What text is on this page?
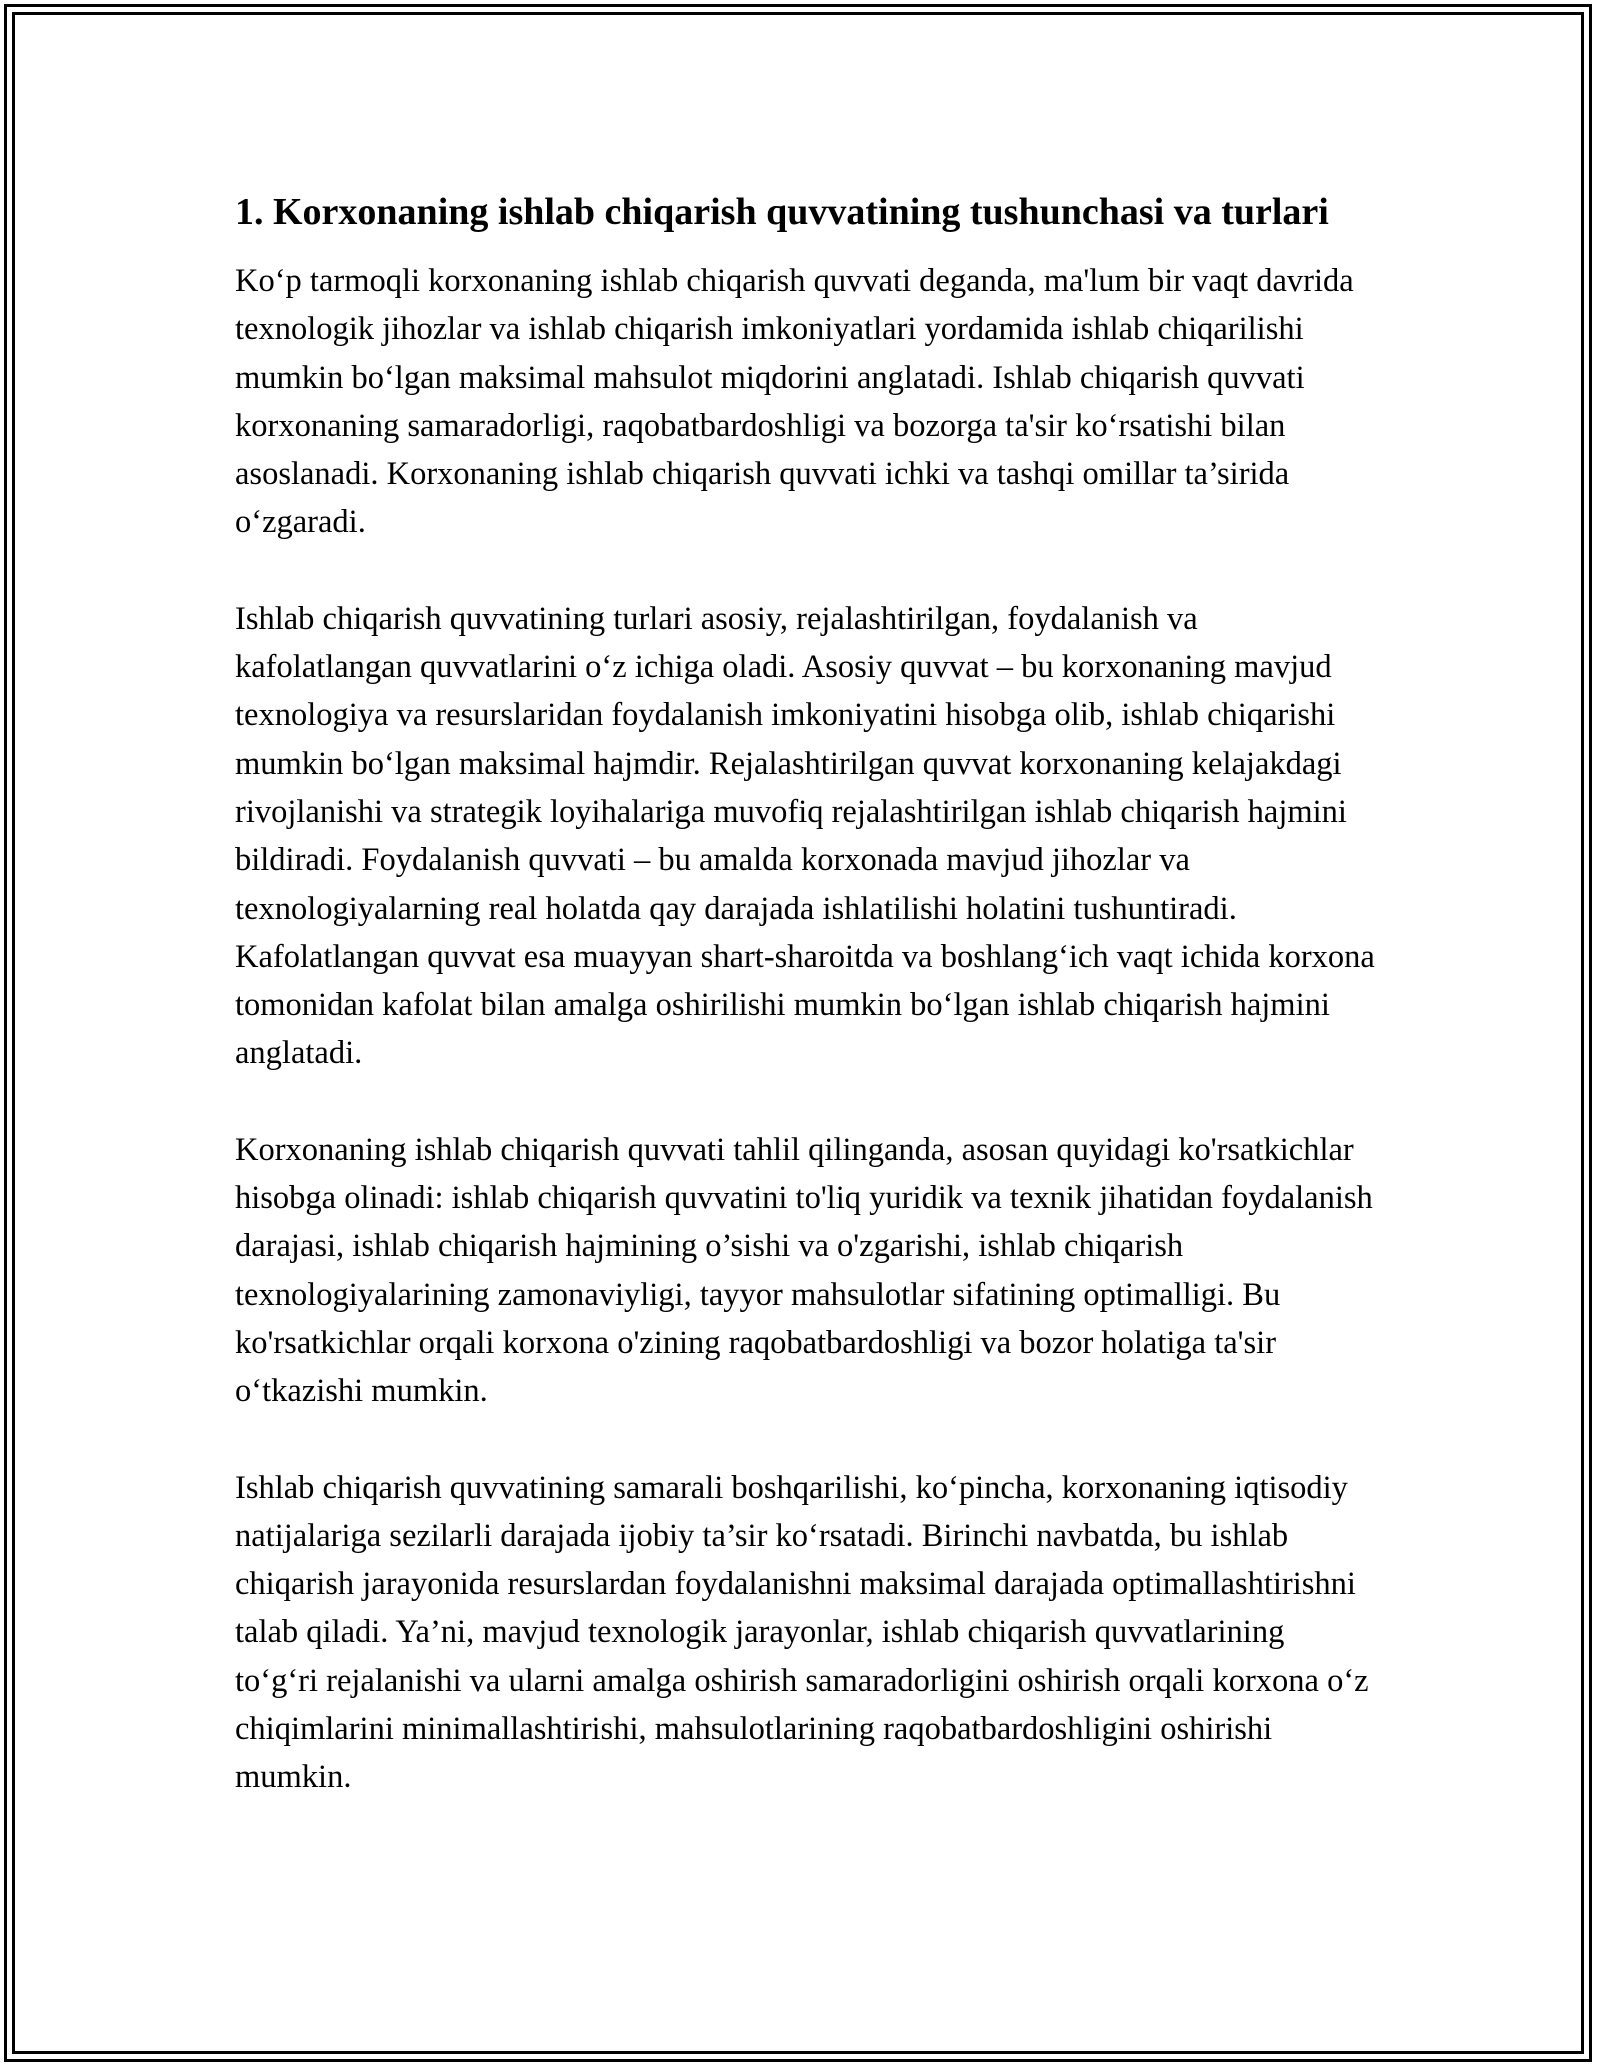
1. Korxonaning ishlab chiqarish quvvatining tushunchasi va turlari

Ko‘p tarmoqli korxonaning ishlab chiqarish quvvati deganda, ma'lum bir vaqt davrida texnologik jihozlar va ishlab chiqarish imkoniyatlari yordamida ishlab chiqarilishi mumkin bo‘lgan maksimal mahsulot miqdorini anglatadi. Ishlab chiqarish quvvati korxonaning samaradorligi, raqobatbardoshligi va bozorga ta'sir ko‘rsatishi bilan asoslanadi. Korxonaning ishlab chiqarish quvvati ichki va tashqi omillar ta’sirida o‘zgaradi.

Ishlab chiqarish quvvatining turlari asosiy, rejalashtirilgan, foydalanish va kafolatlangan quvvatlarini o‘z ichiga oladi. Asosiy quvvat – bu korxonaning mavjud texnologiya va resurslaridan foydalanish imkoniyatini hisobga olib, ishlab chiqarishi mumkin bo‘lgan maksimal hajmdir. Rejalashtirilgan quvvat korxonaning kelajakdagi rivojlanishi va strategik loyihalariga muvofiq rejalashtirilgan ishlab chiqarish hajmini bildiradi. Foydalanish quvvati – bu amalda korxonada mavjud jihozlar va texnologiyalarning real holatda qay darajada ishlatilishi holatini tushuntiradi. Kafolatlangan quvvat esa muayyan shart-sharoitda va boshlang‘ich vaqt ichida korxona tomonidan kafolat bilan amalga oshirilishi mumkin bo‘lgan ishlab chiqarish hajmini anglatadi.

Korxonaning ishlab chiqarish quvvati tahlil qilinganda, asosan quyidagi ko'rsatkichlar hisobga olinadi: ishlab chiqarish quvvatini to'liq yuridik va texnik jihatidan foydalanish darajasi, ishlab chiqarish hajmining o’sishi va o'zgarishi, ishlab chiqarish texnologiyalarining zamonaviyligi, tayyor mahsulotlar sifatining optimalligi. Bu ko'rsatkichlar orqali korxona o'zining raqobatbardoshligi va bozor holatiga ta'sir o‘tkazishi mumkin.

Ishlab chiqarish quvvatining samarali boshqarilishi, ko‘pincha, korxonaning iqtisodiy natijalariga sezilarli darajada ijobiy ta’sir ko‘rsatadi. Birinchi navbatda, bu ishlab chiqarish jarayonida resurslardan foydalanishni maksimal darajada optimallashtirishni talab qiladi. Ya’ni, mavjud texnologik jarayonlar, ishlab chiqarish quvvatlarining to‘g‘ri rejalanishi va ularni amalga oshirish samaradorligini oshirish orqali korxona o‘z chiqimlarini minimallashtirishi, mahsulotlarining raqobatbardoshligini oshirishi mumkin.
